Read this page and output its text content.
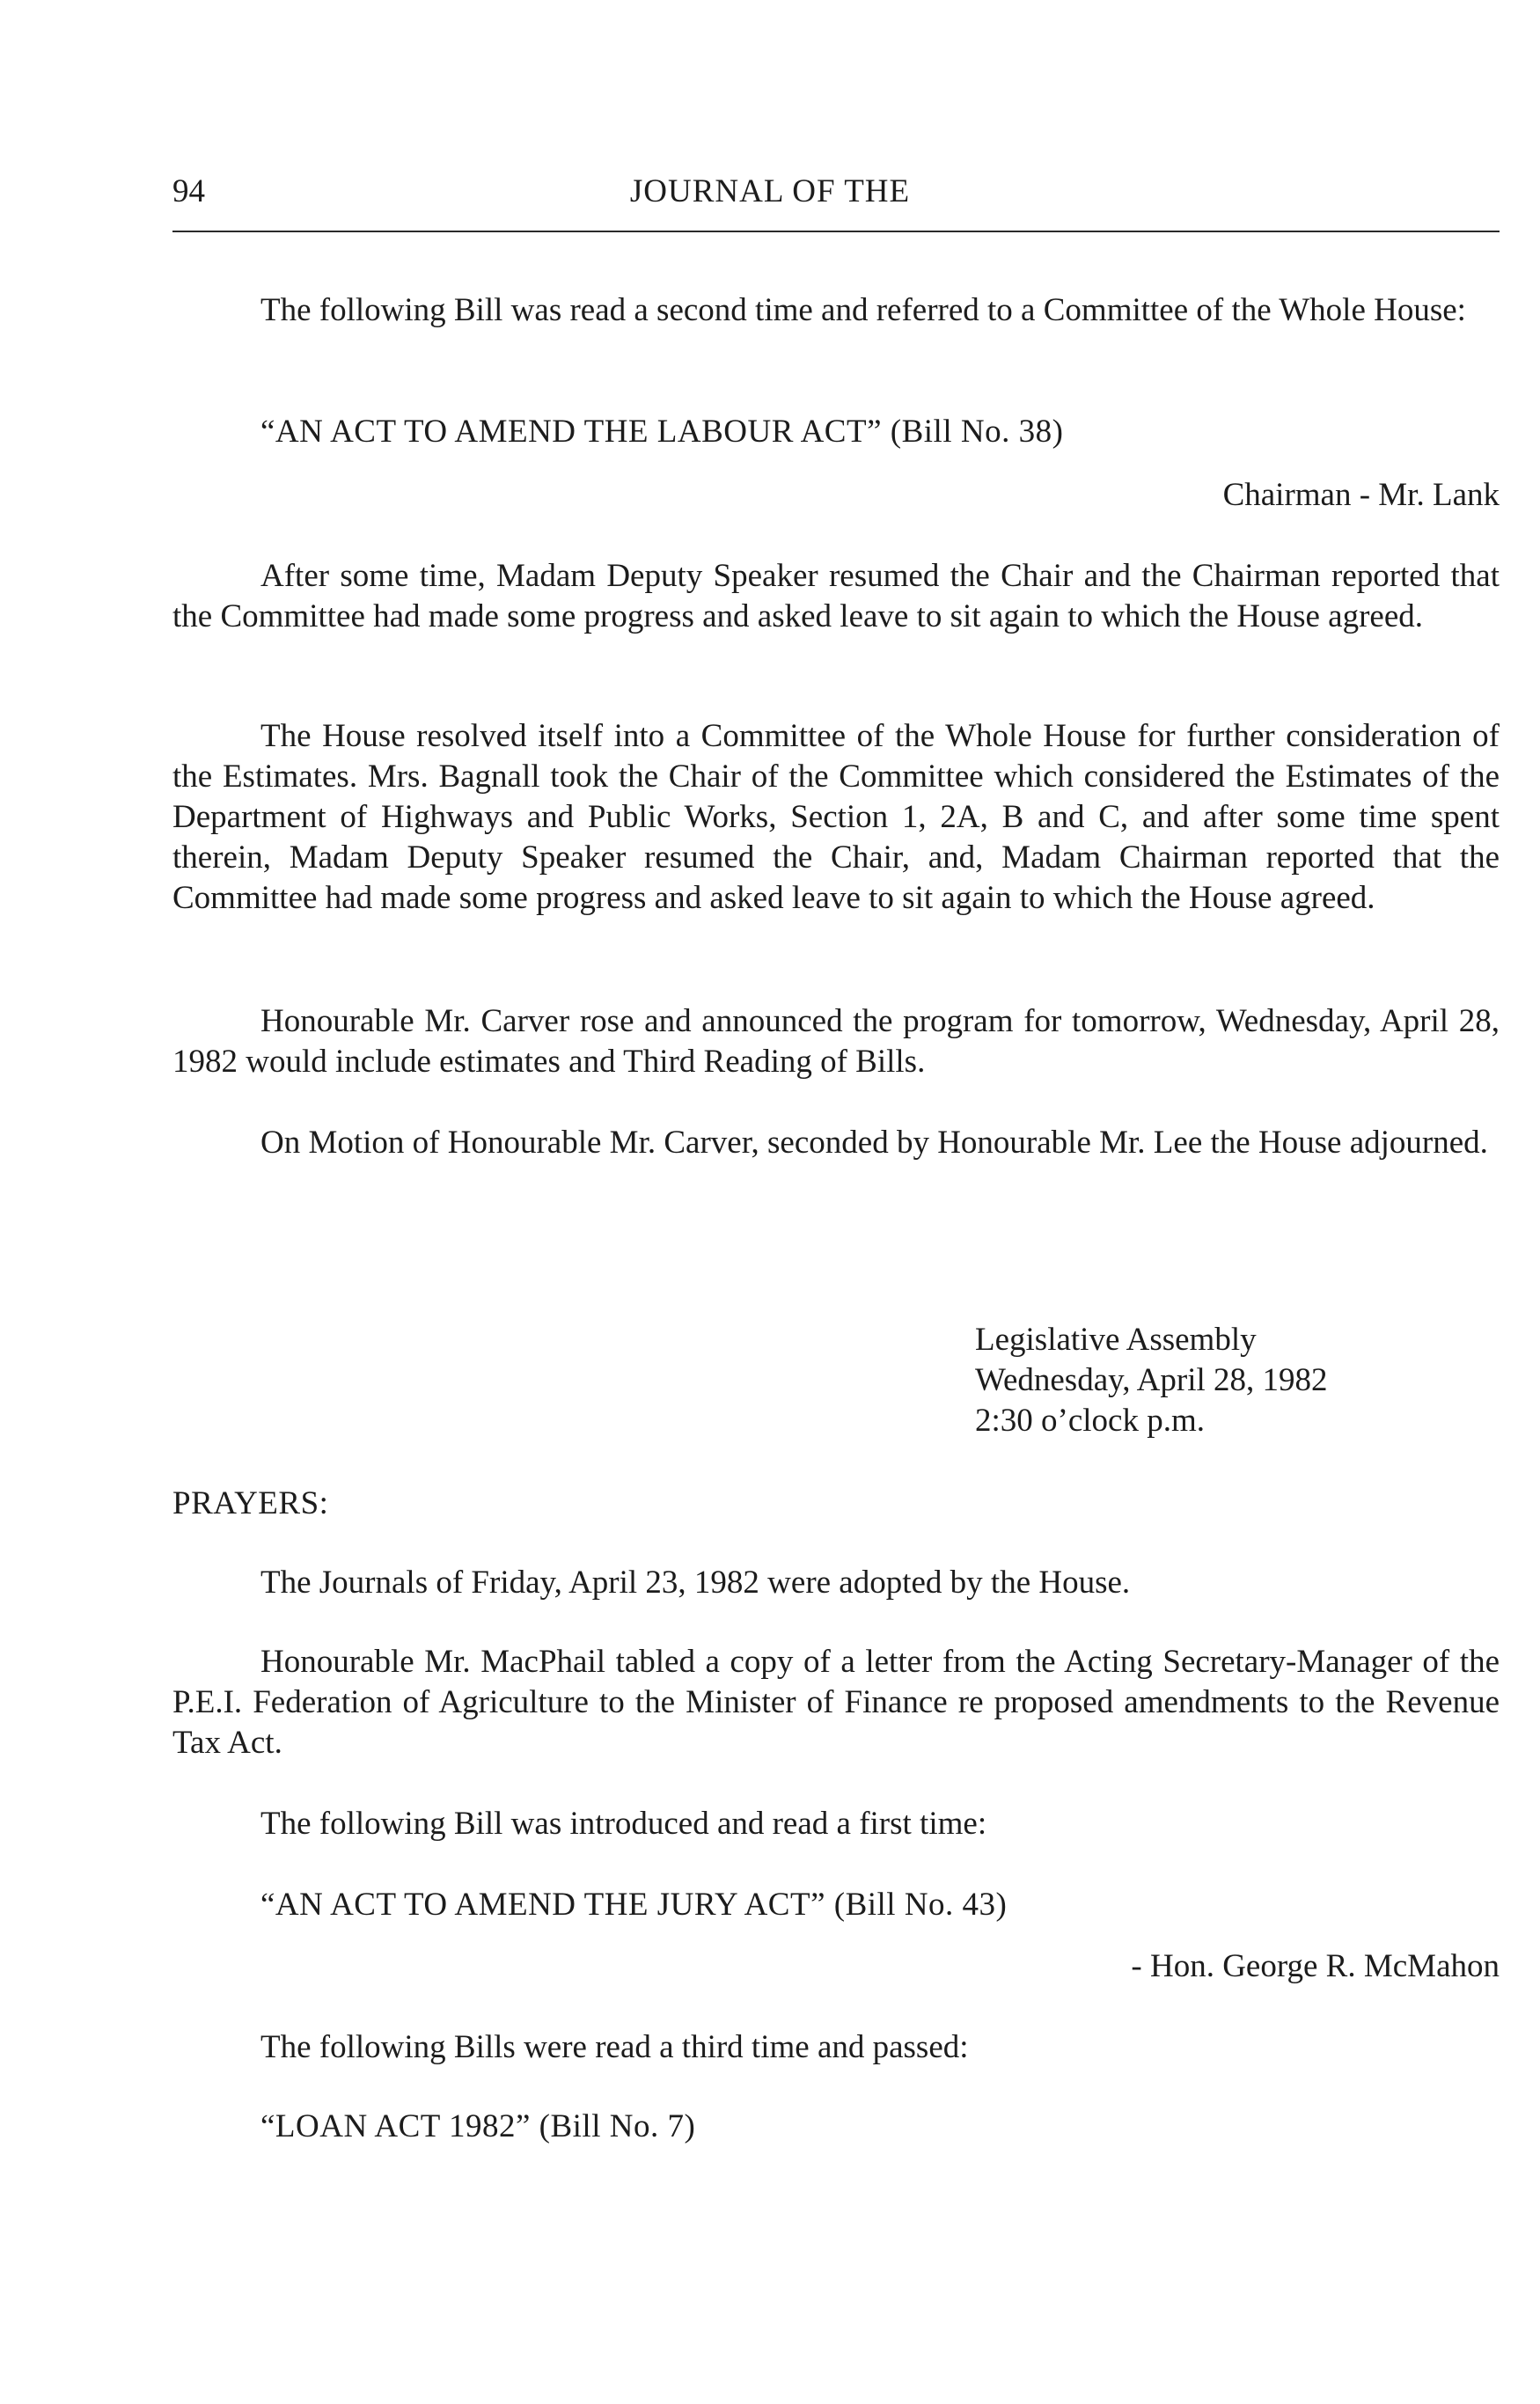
94	JOURNAL OF THE
The following Bill was read a second time and referred to a Committee of the Whole House:
“AN ACT TO AMEND THE LABOUR ACT” (Bill No. 38)
Chairman - Mr. Lank
After some time, Madam Deputy Speaker resumed the Chair and the Chairman reported that the Committee had made some progress and asked leave to sit again to which the House agreed.
The House resolved itself into a Committee of the Whole House for further consideration of the Estimates. Mrs. Bagnall took the Chair of the Committee which considered the Estimates of the Department of Highways and Public Works, Section 1, 2A, B and C, and after some time spent therein, Madam Deputy Speaker resumed the Chair, and, Madam Chairman reported that the Committee had made some progress and asked leave to sit again to which the House agreed.
Honourable Mr. Carver rose and announced the program for tomorrow, Wednesday, April 28, 1982 would include estimates and Third Reading of Bills.
On Motion of Honourable Mr. Carver, seconded by Honourable Mr. Lee the House adjourned.
Legislative Assembly
Wednesday, April 28, 1982
2:30 o’clock p.m.
PRAYERS:
The Journals of Friday, April 23, 1982 were adopted by the House.
Honourable Mr. MacPhail tabled a copy of a letter from the Acting Secretary-Manager of the P.E.I. Federation of Agriculture to the Minister of Finance re proposed amendments to the Revenue Tax Act.
The following Bill was introduced and read a first time:
“AN ACT TO AMEND THE JURY ACT” (Bill No. 43)
- Hon. George R. McMahon
The following Bills were read a third time and passed:
“LOAN ACT 1982” (Bill No. 7)
